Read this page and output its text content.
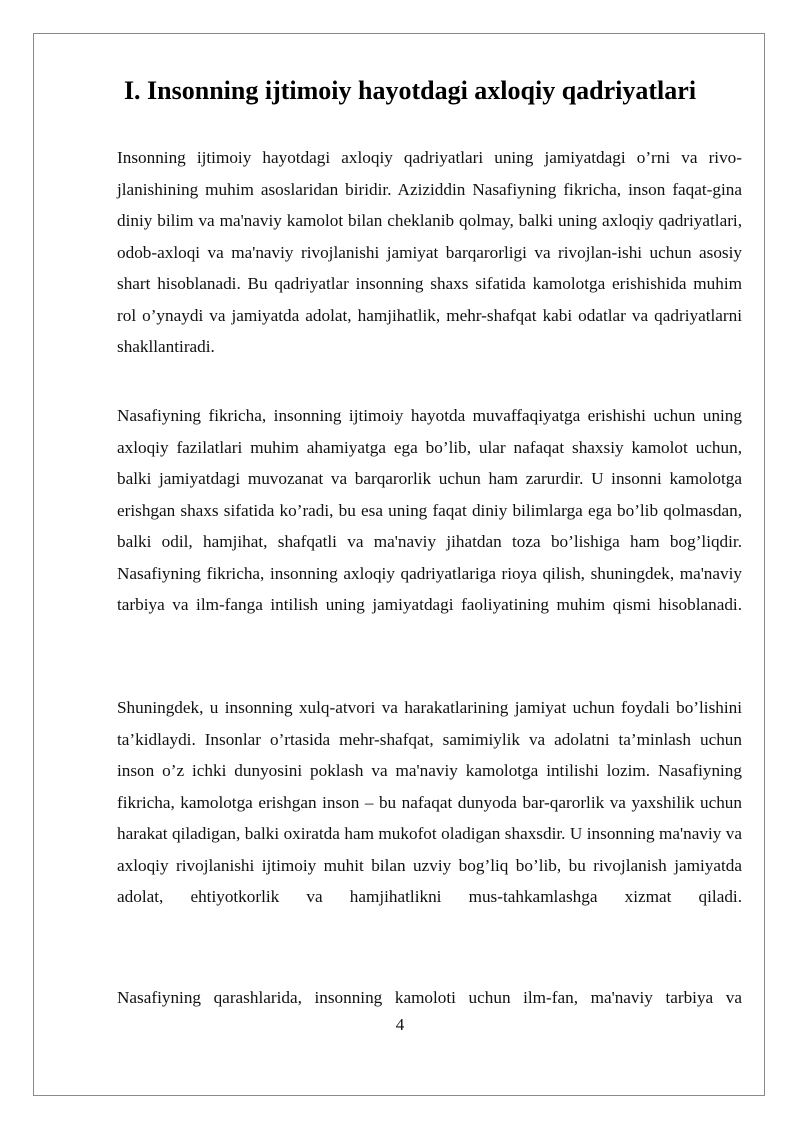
I. Insonning ijtimoiy hayotdagi axloqiy qadriyatlari

Insonning ijtimoiy hayotdagi axloqiy qadriyatlari uning jamiyatdagi o’rni va rivo-jlanishining muhim asoslaridan biridir. Aziziddin Nasafiyning fikricha, inson faqat-gina diniy bilim va ma'naviy kamolot bilan cheklanib qolmay, balki uning axloqiy qadriyatlari, odob-axloqi va ma'naviy rivojlanishi jamiyat barqarorligi va rivojlan-ishi uchun asosiy shart hisoblanadi. Bu qadriyatlar insonning shaxs sifatida kamolotga erishishida muhim rol o’ynaydi va jamiyatda adolat, hamjihatlik, mehr-shafqat kabi odatlar va qadriyatlarni shakllantiradi.

Nasafiyning fikricha, insonning ijtimoiy hayotda muvaffaqiyatga erishishi uchun uning axloqiy fazilatlari muhim ahamiyatga ega bo’lib, ular nafaqat shaxsiy kamolot uchun, balki jamiyatdagi muvozanat va barqarorlik uchun ham zarurdir. U insonni kamolotga erishgan shaxs sifatida ko’radi, bu esa uning faqat diniy bilimlarga ega bo’lib qolmasdan, balki odil, hamjihat, shafqatli va ma'naviy jihatdan toza bo’lishiga ham bog’liqdir. Nasafiyning fikricha, insonning axloqiy qadriyatlariga rioya qilish, shuningdek, ma'naviy tarbiya va ilm-fanga intilish uning jamiyatdagi faoliyatining muhim qismi hisoblanadi.

Shuningdek, u insonning xulq-atvori va harakatlarining jamiyat uchun foydali bo’lishini ta’kidlaydi. Insonlar o’rtasida mehr-shafqat, samimiylik va adolatni ta’minlash uchun inson o’z ichki dunyosini poklash va ma'naviy kamolotga intilishi lozim. Nasafiyning fikricha, kamolotga erishgan inson – bu nafaqat dunyoda bar-qarorlik va yaxshilik uchun harakat qiladigan, balki oxiratda ham mukofot oladigan shaxsdir. U insonning ma'naviy va axloqiy rivojlanishi ijtimoiy muhit bilan uzviy bog’liq bo’lib, bu rivojlanish jamiyatda adolat, ehtiyotkorlik va hamjihatlikni mus-tahkamlashga xizmat qiladi.

Nasafiyning qarashlarida, insonning kamoloti uchun ilm-fan, ma'naviy tarbiya va

4
